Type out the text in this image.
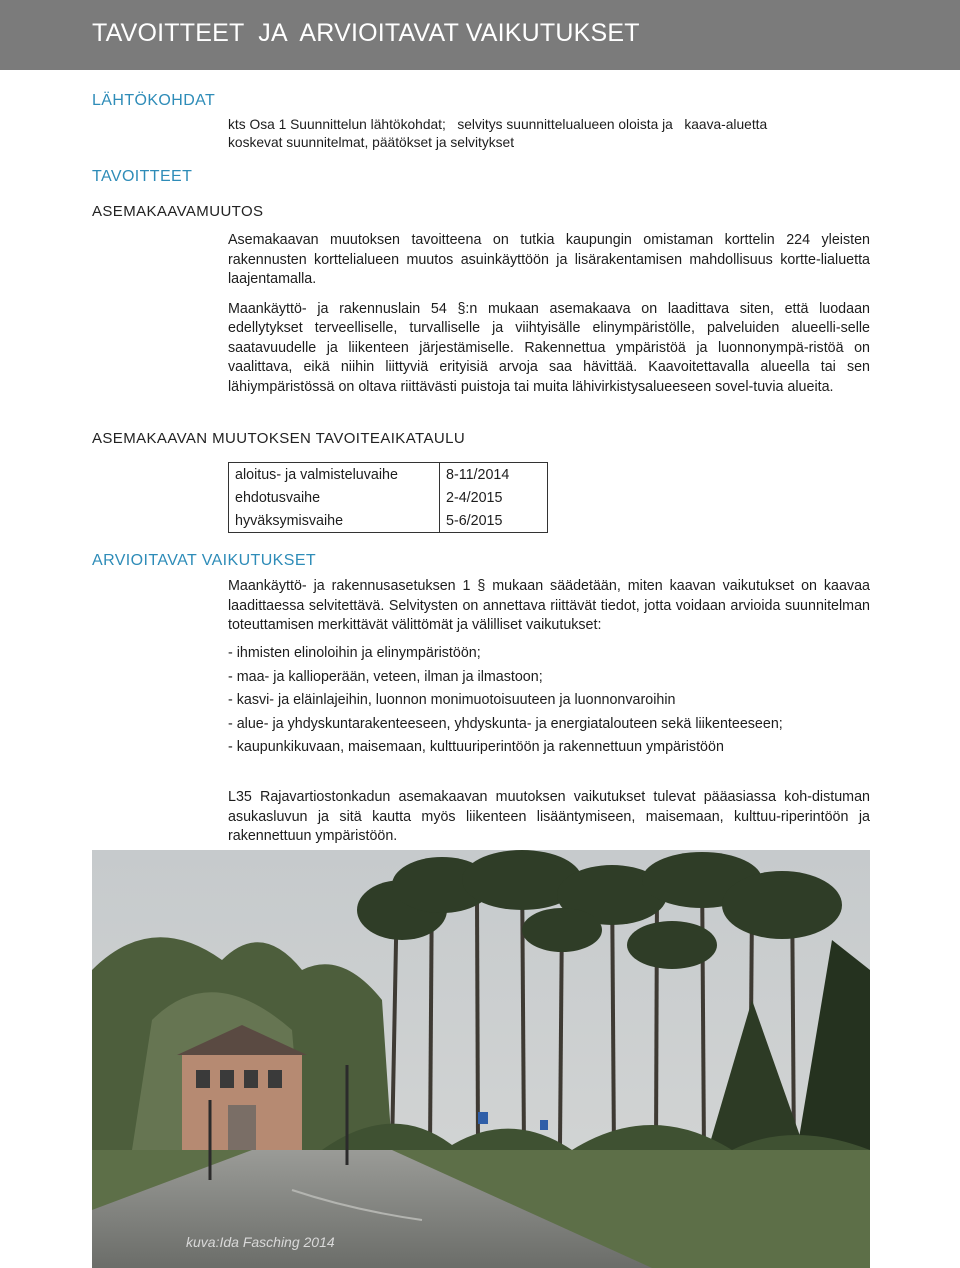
TAVOITTEET  JA  ARVIOITAVAT VAIKUTUKSET
LÄHTÖKOHDAT
kts Osa 1 Suunnittelun lähtökohdat;   selvitys suunnittelualueen oloista ja   kaava-aluetta
koskevat suunnitelmat, päätökset ja selvitykset
TAVOITTEET
ASEMAKAAVAMUUTOS

Asemakaavan muutoksen tavoitteena on tutkia kaupungin omistaman korttelin 224 yleisten rakennusten korttelialueen muutos asuinkäyttöön ja lisärakentamisen mahdollisuus kortte-lialuetta laajentamalla.

Maankäyttö- ja rakennuslain 54 §:n mukaan asemakaava on laadittava siten, että luodaan edellytykset terveelliselle, turvalliselle ja viihtyisälle elinympäristölle, palveluiden alueelli-selle saatavuudelle ja liikenteen järjestämiselle. Rakennettua ympäristöä ja luonnonympä-ristöä on vaalittava, eikä niihin liittyviä erityisiä arvoja saa hävittää. Kaavoitettavalla alueella tai sen lähiympäristössä on oltava riittävästi puistoja tai muita lähivirkistysalueeseen sovel-tuvia alueita.

ASEMAKAAVAN MUUTOKSEN TAVOITEAIKATAULU
aloitus- ja valmisteluvaihe	8-11/2014
ehdotusvaihe	2-4/2015
hyväksymisvaihe	5-6/2015
ARVIOITAVAT VAIKUTUKSET
Maankäyttö- ja rakennusasetuksen 1 § mukaan säädetään, miten kaavan vaikutukset on kaavaa laadittaessa selvitettävä. Selvitysten on annettava riittävät tiedot, jotta voidaan arvioida suunnitelman toteuttamisen merkittävät välittömät ja välilliset vaikutukset:
- ihmisten elinoloihin ja elinympäristöön;
- maa- ja kallioperään, veteen, ilman ja ilmastoon;
- kasvi- ja eläinlajeihin, luonnon monimuotoisuuteen ja luonnonvaroihin
- alue- ja yhdyskuntarakenteeseen, yhdyskunta- ja energiatalouteen sekä liikenteeseen;
- kaupunkikuvaan, maisemaan, kulttuuriperintöön ja rakennettuun ympäristöön
L35 Rajavartiostonkadun asemakaavan muutoksen vaikutukset tulevat pääasiassa koh-distuman asukasluvun ja sitä kautta myös liikenteen lisääntymiseen, maisemaan, kulttuu-riperintöön ja rakennettuun ympäristöön.
kuva:Ida Fasching 2014
